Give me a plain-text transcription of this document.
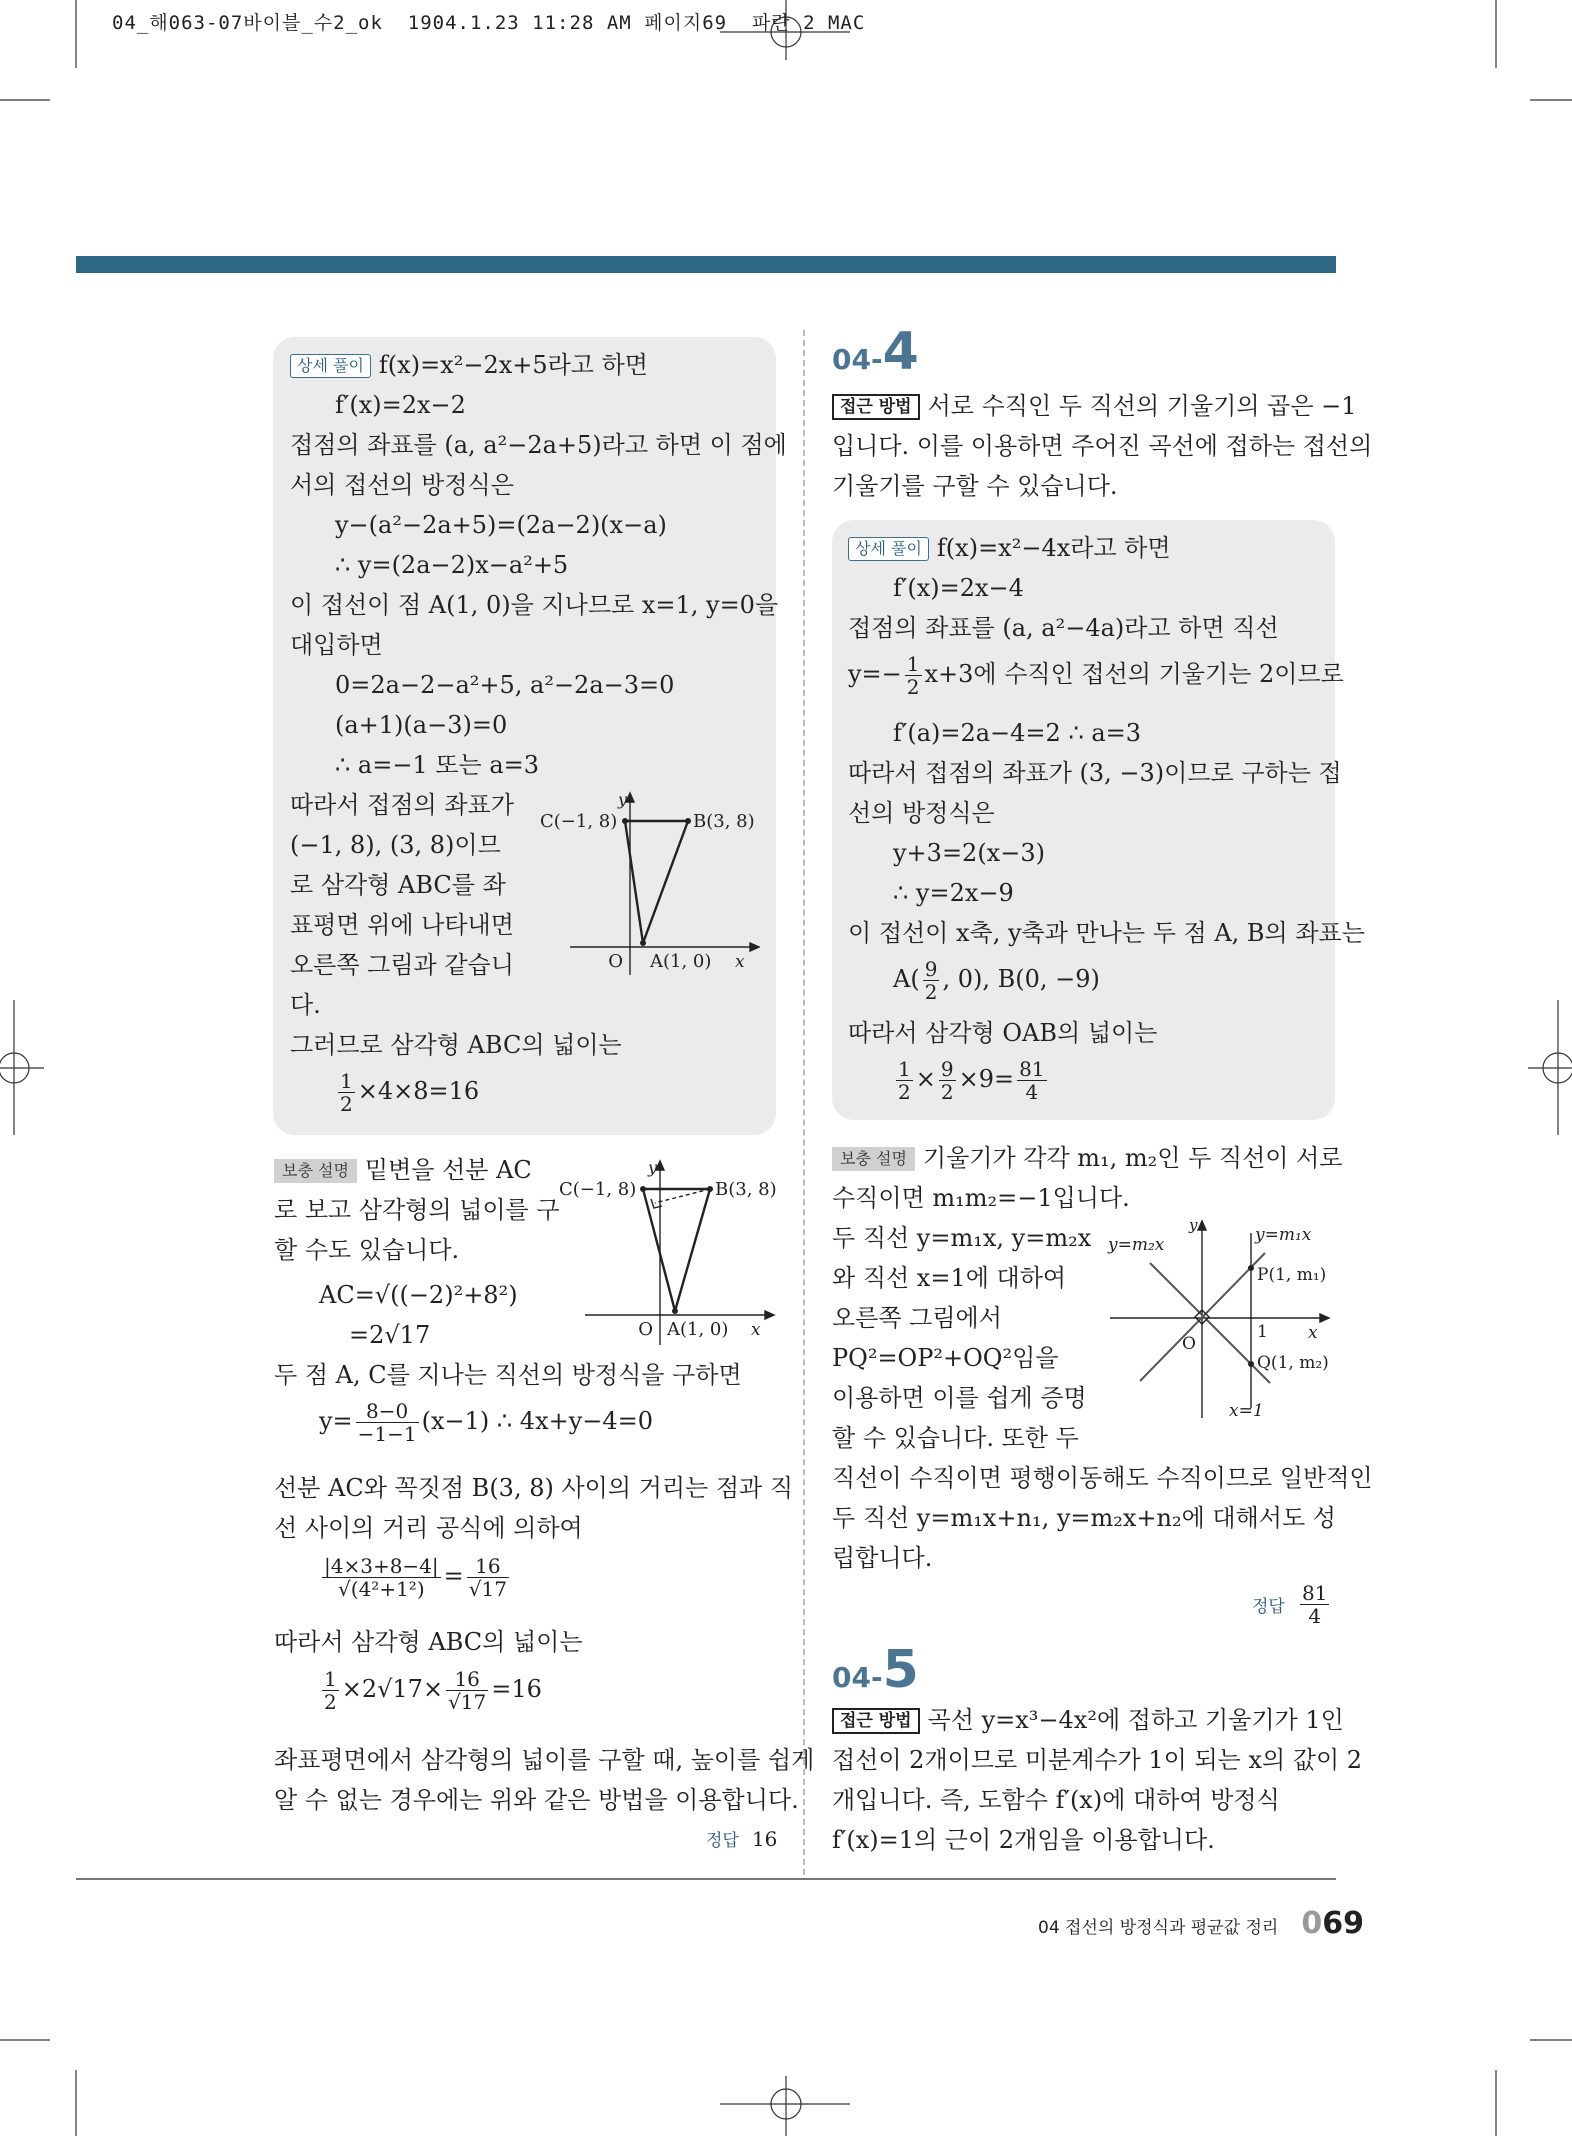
04_해063-07바이블_수2_ok  1904.1.23 11:28 AM 페이지69  파란 2 MAC
상세 풀이 f(x)=x²−2x+5라고 하면
f′(x)=2x−2
접점의 좌표를 (a, a²−2a+5)라고 하면 이 점에
서의 접선의 방정식은
y−(a²−2a+5)=(2a−2)(x−a)
∴ y=(2a−2)x−a²+5
이 접선이 점 A(1, 0)을 지나므로 x=1, y=0을
대입하면
0=2a−2−a²+5, a²−2a−3=0
(a+1)(a−3)=0
∴ a=−1 또는 a=3
따라서 접점의 좌표가
(−1, 8), (3, 8)이므
로 삼각형 ABC를 좌
표평면 위에 나타내면
오른쪽 그림과 같습니
다.
그러므로 삼각형 ABC의 넓이는
$\frac{1}{2} \times 4\times 8=16$
C(−1, 8)	B(3, 8)
y
O A(1, 0) x
보충 설명 밑변을 선분 AC
로 보고 삼각형의 넓이를 구
할 수도 있습니다.
AC=√((−2)²+8²)
=2√17
두 점 A, C를 지나는 직선의 방정식을 구하면
$y= \frac{8-0}{-1-1} (x-1)$ ∴ 4x+y−4=0
선분 AC와 꼭짓점 B(3, 8) 사이의 거리는 점과 직
선 사이의 거리 공식에 의하여
$\frac{|4\times 3+8-4|}{\text{√(4²+1²)}} = \frac{16}{√17}$
따라서 삼각형 ABC의 넓이는
$\frac{1}{2} \times 2√17\times \frac{16}{√17} =16$
좌표평면에서 삼각형의 넓이를 구할 때, 높이를 쉽게
알 수 없는 경우에는 위와 같은 방법을 이용합니다.
정답 16
C(−1, 8)	B(3, 8)
y
O A(1, 0) x
04-4
접근 방법 서로 수직인 두 직선의 기울기의 곱은 −1
입니다. 이를 이용하면 주어진 곡선에 접하는 접선의
기울기를 구할 수 있습니다.
상세 풀이 f(x)=x²−4x라고 하면
f′(x)=2x−4
접점의 좌표를 (a, a²−4a)라고 하면 직선
$y=- \frac{1}{2} x+3$에 수직인 접선의 기울기는 2이므로
f′(a)=2a−4=2 ∴ a=3
따라서 접점의 좌표가 (3, −3)이므로 구하는 접
선의 방정식은
y+3=2(x−3)
∴ y=2x−9
이 접선이 x축, y축과 만나는 두 점 A, B의 좌표는
$A( \frac{9}{2}$ , 0), B(0, −9)
따라서 삼각형 OAB의 넓이는
$\frac{1}{2} \times \frac{9}{2} \times 9= \frac{81}{4}$
보충 설명 기울기가 각각 m₁, m₂인 두 직선이 서로
수직이면 m₁m₂=−1입니다.
두 직선 y=m₁x, y=m₂x
와 직선 x=1에 대하여
오른쪽 그림에서
PQ²=OP²+OQ²임을
이용하면 이를 쉽게 증명
할 수 있습니다. 또한 두
직선이 수직이면 평행이동해도 수직이므로 일반적인
두 직선 y=m₁x+n₁, y=m₂x+n₂에 대해서도 성
립합니다.
y=m₂x
y	y=m₁x
P(1, m₁)
1 x
O
Q(1, m₂)
x=1
정답 $\frac{81}{4}$
04-5
접근 방법 곡선 y=x³−4x²에 접하고 기울기가 1인
접선이 2개이므로 미분계수가 1이 되는 x의 값이 2
개입니다. 즉, 도함수 f′(x)에 대하여 방정식
f′(x)=1의 근이 2개임을 이용합니다.
04 접선의 방정식과 평균값 정리 069
